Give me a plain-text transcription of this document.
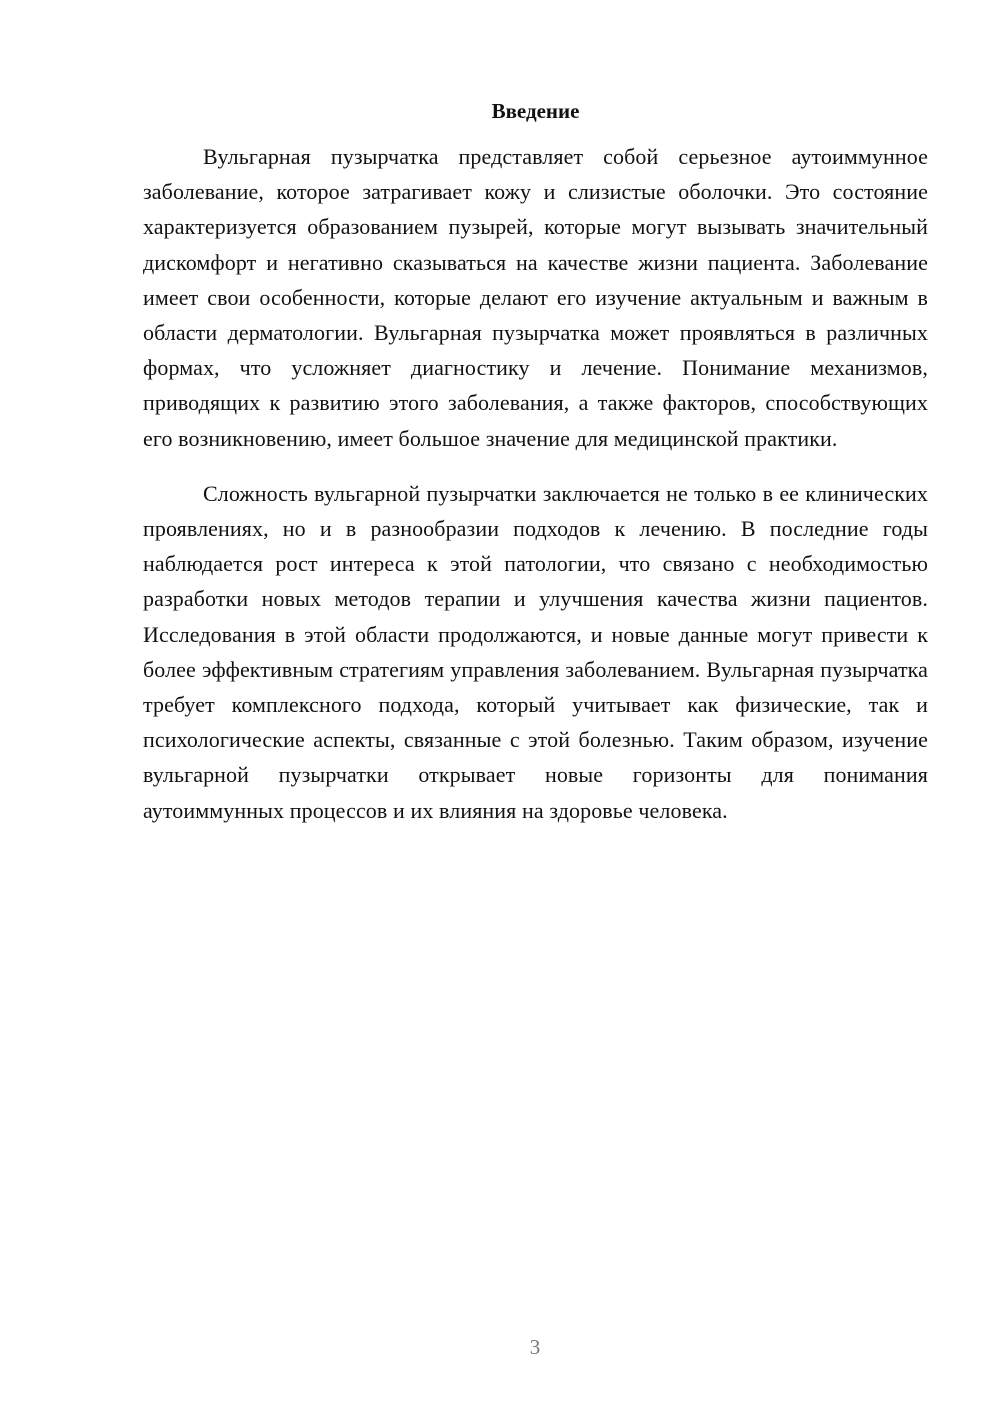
Введение

Вульгарная пузырчатка представляет собой серьезное аутоиммунное заболевание, которое затрагивает кожу и слизистые оболочки. Это состояние характеризуется образованием пузырей, которые могут вызывать значительный дискомфорт и негативно сказываться на качестве жизни пациента. Заболевание имеет свои особенности, которые делают его изучение актуальным и важным в области дерматологии. Вульгарная пузырчатка может проявляться в различных формах, что усложняет диагностику и лечение. Понимание механизмов, приводящих к развитию этого заболевания, а также факторов, способствующих его возникновению, имеет большое значение для медицинской практики.

Сложность вульгарной пузырчатки заключается не только в ее клинических проявлениях, но и в разнообразии подходов к лечению. В последние годы наблюдается рост интереса к этой патологии, что связано с необходимостью разработки новых методов терапии и улучшения качества жизни пациентов. Исследования в этой области продолжаются, и новые данные могут привести к более эффективным стратегиям управления заболеванием. Вульгарная пузырчатка требует комплексного подхода, который учитывает как физические, так и психологические аспекты, связанные с этой болезнью. Таким образом, изучение вульгарной пузырчатки открывает новые горизонты для понимания аутоиммунных процессов и их влияния на здоровье человека.

3
